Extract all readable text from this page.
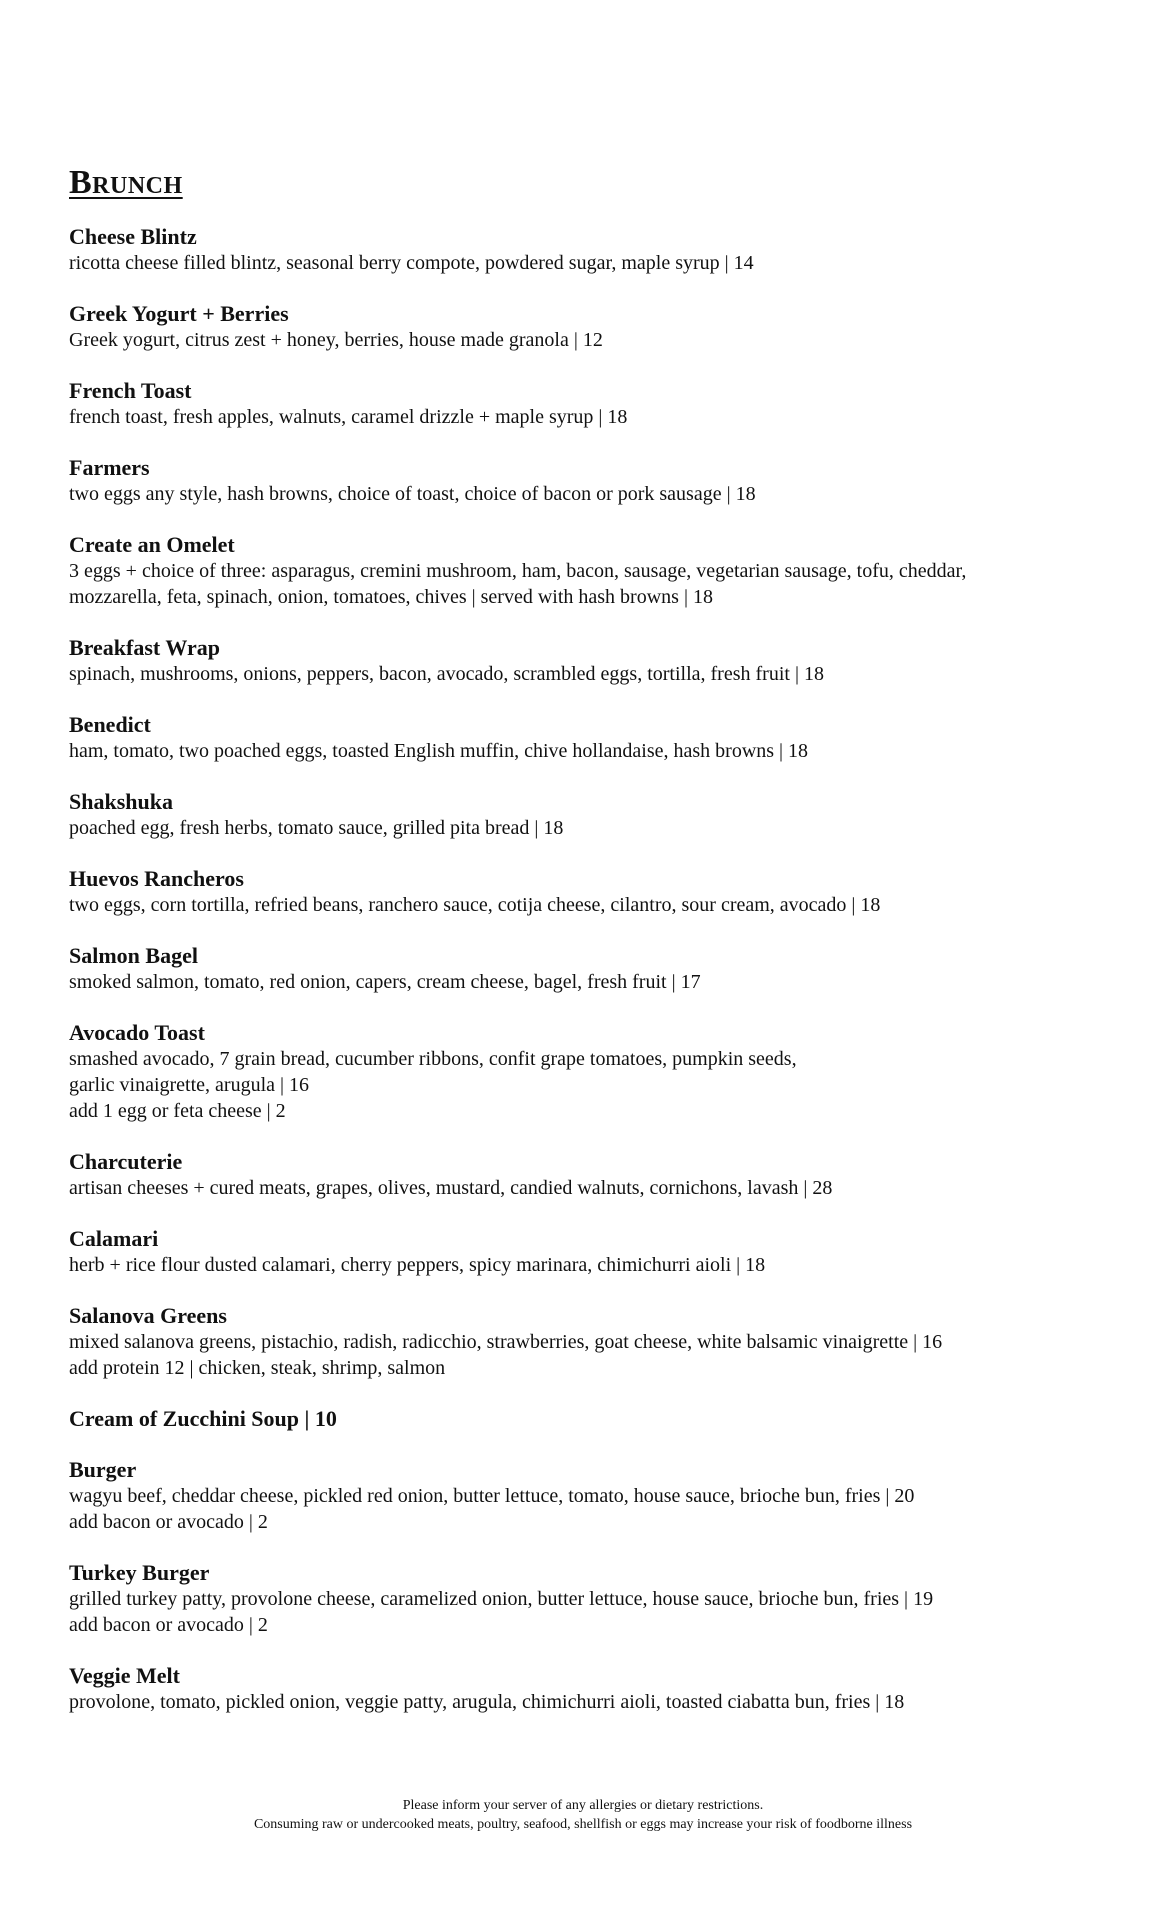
Brunch
Cheese Blintz
ricotta cheese filled blintz, seasonal berry compote, powdered sugar, maple syrup | 14
Greek Yogurt + Berries
Greek yogurt, citrus zest + honey, berries, house made granola | 12
French Toast
french toast, fresh apples, walnuts, caramel drizzle + maple syrup | 18
Farmers
two eggs any style, hash browns, choice of toast, choice of bacon or pork sausage | 18
Create an Omelet
3 eggs + choice of three: asparagus, cremini mushroom, ham, bacon, sausage, vegetarian sausage, tofu, cheddar,
mozzarella, feta, spinach, onion, tomatoes, chives | served with hash browns | 18
Breakfast Wrap
spinach, mushrooms, onions, peppers, bacon, avocado, scrambled eggs, tortilla, fresh fruit | 18
Benedict
ham, tomato, two poached eggs, toasted English muffin, chive hollandaise, hash browns | 18
Shakshuka
poached egg, fresh herbs, tomato sauce, grilled pita bread | 18
Huevos Rancheros
two eggs, corn tortilla, refried beans, ranchero sauce, cotija cheese, cilantro, sour cream, avocado | 18
Salmon Bagel
smoked salmon, tomato, red onion, capers, cream cheese, bagel, fresh fruit | 17
Avocado Toast
smashed avocado, 7 grain bread, cucumber ribbons, confit grape tomatoes, pumpkin seeds,
garlic vinaigrette, arugula | 16
add 1 egg or feta cheese | 2
Charcuterie
artisan cheeses + cured meats, grapes, olives, mustard, candied walnuts, cornichons, lavash | 28
Calamari
herb + rice flour dusted calamari, cherry peppers, spicy marinara, chimichurri aioli | 18
Salanova Greens
mixed salanova greens, pistachio, radish, radicchio, strawberries, goat cheese, white balsamic vinaigrette | 16
add protein 12 | chicken, steak, shrimp, salmon
Cream of Zucchini Soup | 10
Burger
wagyu beef, cheddar cheese, pickled red onion, butter lettuce, tomato, house sauce, brioche bun, fries | 20
add bacon or avocado | 2
Turkey Burger
grilled turkey patty, provolone cheese, caramelized onion, butter lettuce, house sauce, brioche bun, fries | 19
add bacon or avocado | 2
Veggie Melt
provolone, tomato, pickled onion, veggie patty, arugula, chimichurri aioli, toasted ciabatta bun, fries | 18
Please inform your server of any allergies or dietary restrictions.
Consuming raw or undercooked meats, poultry, seafood, shellfish or eggs may increase your risk of foodborne illness
